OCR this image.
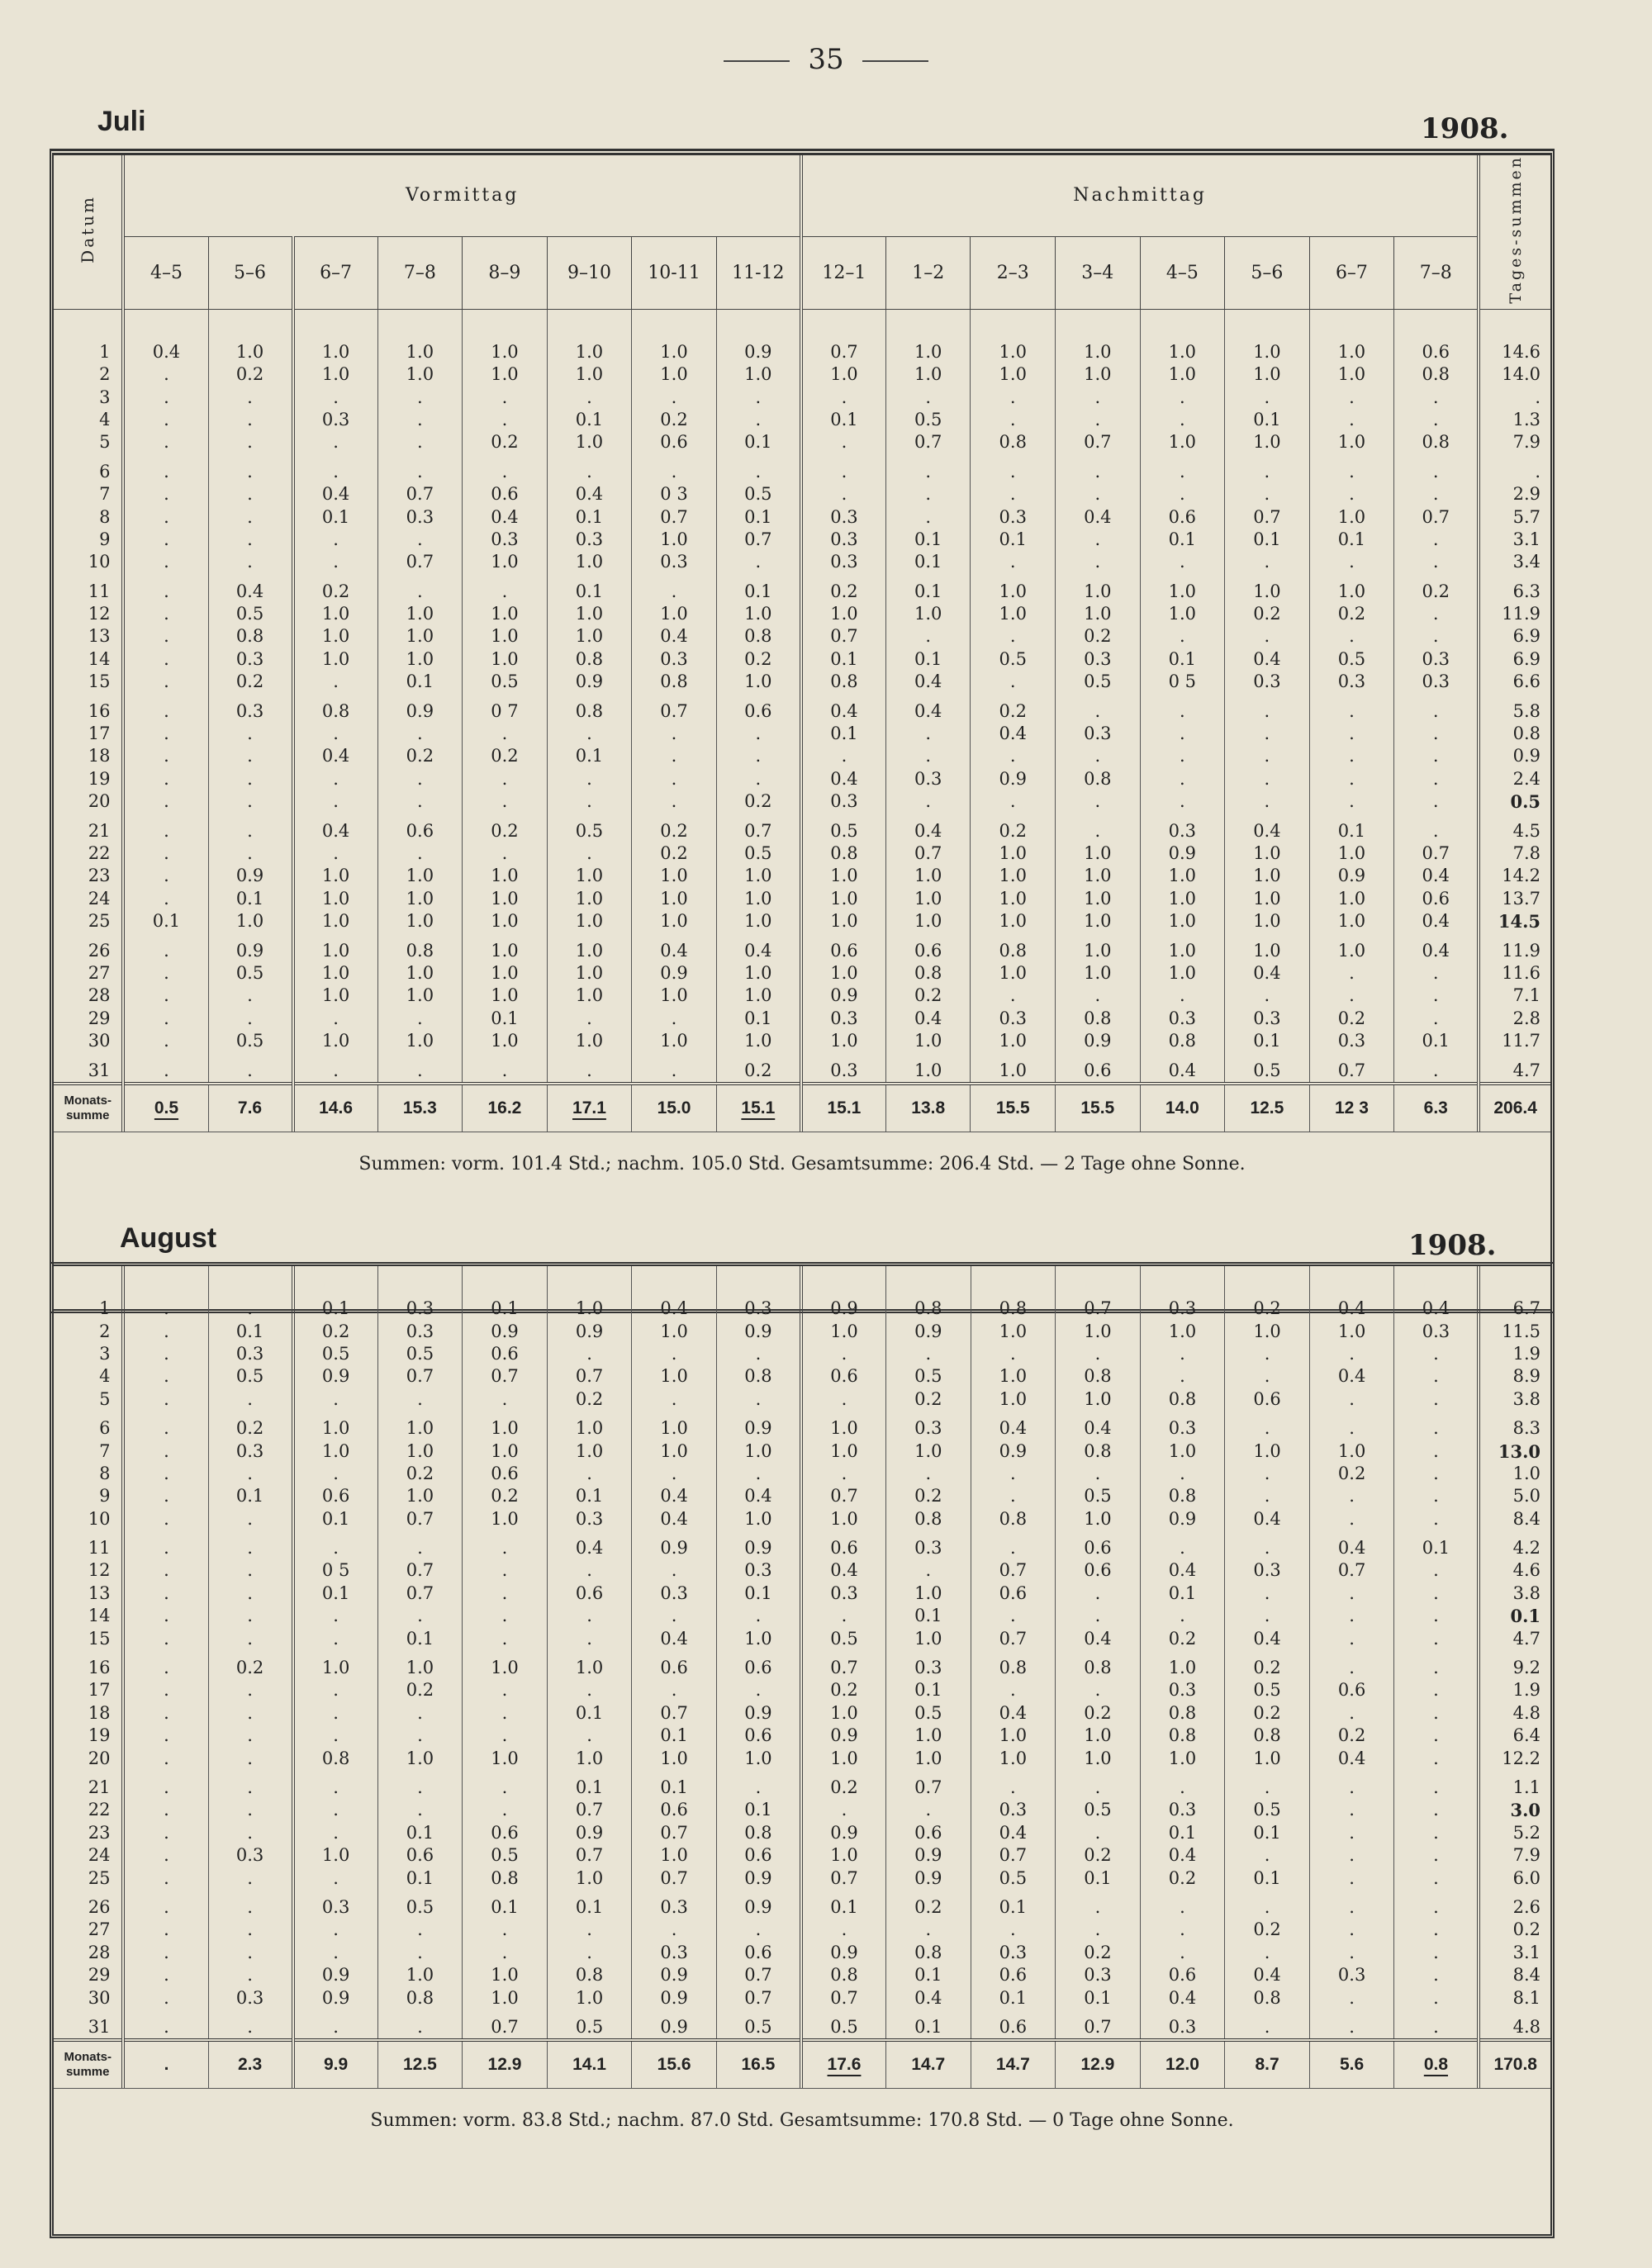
35
Juli	1908.
Datum	Vormittag								Nachmittag								Tages-summen
	4–5	5–6	6–7	7–8	8–9	9–10	10-11	11-12	12–1	1–2	2–3	3–4	4–5	5–6	6–7	7–8	
1	0.4	1.0	1.0	1.0	1.0	1.0	1.0	0.9	0.7	1.0	1.0	1.0	1.0	1.0	1.0	0.6	14.6
2	.	0.2	1.0	1.0	1.0	1.0	1.0	1.0	1.0	1.0	1.0	1.0	1.0	1.0	1.0	0.8	14.0
3	.	.	.	.	.	.	.	.	.	.	.	.	.	.	.	.	.
4	.	.	0.3	.	.	0.1	0.2	.	0.1	0.5	.	.	.	0.1	.	.	1.3
5	.	.	.	.	0.2	1.0	0.6	0.1	.	0.7	0.8	0.7	1.0	1.0	1.0	0.8	7.9
6	.	.	.	.	.	.	.	.	.	.	.	.	.	.	.	.	.
7	.	.	0.4	0.7	0.6	0.4	0 3	0.5	.	.	.	.	.	.	.	.	2.9
8	.	.	0.1	0.3	0.4	0.1	0.7	0.1	0.3	.	0.3	0.4	0.6	0.7	1.0	0.7	5.7
9	.	.	.	.	0.3	0.3	1.0	0.7	0.3	0.1	0.1	.	0.1	0.1	0.1	.	3.1
10	.	.	.	0.7	1.0	1.0	0.3	.	0.3	0.1	.	.	.	.	.	.	3.4
11	.	0.4	0.2	.	.	0.1	.	0.1	0.2	0.1	1.0	1.0	1.0	1.0	1.0	0.2	6.3
12	.	0.5	1.0	1.0	1.0	1.0	1.0	1.0	1.0	1.0	1.0	1.0	1.0	0.2	0.2	.	11.9
13	.	0.8	1.0	1.0	1.0	1.0	0.4	0.8	0.7	.	.	0.2	.	.	.	.	6.9
14	.	0.3	1.0	1.0	1.0	0.8	0.3	0.2	0.1	0.1	0.5	0.3	0.1	0.4	0.5	0.3	6.9
15	.	0.2	.	0.1	0.5	0.9	0.8	1.0	0.8	0.4	.	0.5	0 5	0.3	0.3	0.3	6.6
16	.	0.3	0.8	0.9	0 7	0.8	0.7	0.6	0.4	0.4	0.2	.	.	.	.	.	5.8
17	.	.	.	.	.	.	.	.	0.1	.	0.4	0.3	.	.	.	.	0.8
18	.	.	0.4	0.2	0.2	0.1	.	.	.	.	.	.	.	.	.	.	0.9
19	.	.	.	.	.	.	.	.	0.4	0.3	0.9	0.8	.	.	.	.	2.4
20	.	.	.	.	.	.	.	0.2	0.3	.	.	.	.	.	.	.	0.5
21	.	.	0.4	0.6	0.2	0.5	0.2	0.7	0.5	0.4	0.2	.	0.3	0.4	0.1	.	4.5
22	.	.	.	.	.	.	0.2	0.5	0.8	0.7	1.0	1.0	0.9	1.0	1.0	0.7	7.8
23	.	0.9	1.0	1.0	1.0	1.0	1.0	1.0	1.0	1.0	1.0	1.0	1.0	1.0	0.9	0.4	14.2
24	.	0.1	1.0	1.0	1.0	1.0	1.0	1.0	1.0	1.0	1.0	1.0	1.0	1.0	1.0	0.6	13.7
25	0.1	1.0	1.0	1.0	1.0	1.0	1.0	1.0	1.0	1.0	1.0	1.0	1.0	1.0	1.0	0.4	14.5
26	.	0.9	1.0	0.8	1.0	1.0	0.4	0.4	0.6	0.6	0.8	1.0	1.0	1.0	1.0	0.4	11.9
27	.	0.5	1.0	1.0	1.0	1.0	0.9	1.0	1.0	0.8	1.0	1.0	1.0	0.4	.	.	11.6
28	.	.	1.0	1.0	1.0	1.0	1.0	1.0	0.9	0.2	.	.	.	.	.	.	7.1
29	.	.	.	.	0.1	.	.	0.1	0.3	0.4	0.3	0.8	0.3	0.3	0.2	.	2.8
30	.	0.5	1.0	1.0	1.0	1.0	1.0	1.0	1.0	1.0	1.0	0.9	0.8	0.1	0.3	0.1	11.7
31	.	.	.	.	.	.	.	0.2	0.3	1.0	1.0	0.6	0.4	0.5	0.7	.	4.7
Monats-summe	0.5	7.6	14.6	15.3	16.2	17.1	15.0	15.1	15.1	13.8	15.5	15.5	14.0	12.5	12 3	6.3	206.4
Summen: vorm. 101.4 Std.; nachm. 105.0 Std. Gesamtsumme: 206.4 Std. — 2 Tage ohne Sonne.
August	1908.
1	.	.	0.1	0.3	0.1	1.0	0.4	0.3	0.9	0.8	0.8	0.7	0.3	0.2	0.4	0.4	6.7
2	.	0.1	0.2	0.3	0.9	0.9	1.0	0.9	1.0	0.9	1.0	1.0	1.0	1.0	1.0	0.3	11.5
3	.	0.3	0.5	0.5	0.6	.	.	.	.	.	.	.	.	.	.	.	1.9
4	.	0.5	0.9	0.7	0.7	0.7	1.0	0.8	0.6	0.5	1.0	0.8	.	.	0.4	.	8.9
5	.	.	.	.	.	0.2	.	.	.	0.2	1.0	1.0	0.8	0.6	.	.	3.8
6	.	0.2	1.0	1.0	1.0	1.0	1.0	0.9	1.0	0.3	0.4	0.4	0.3	.	.	.	8.3
7	.	0.3	1.0	1.0	1.0	1.0	1.0	1.0	1.0	1.0	0.9	0.8	1.0	1.0	1.0	.	13.0
8	.	.	.	0.2	0.6	.	.	.	.	.	.	.	.	.	0.2	.	1.0
9	.	0.1	0.6	1.0	0.2	0.1	0.4	0.4	0.7	0.2	.	0.5	0.8	.	.	.	5.0
10	.	.	0.1	0.7	1.0	0.3	0.4	1.0	1.0	0.8	0.8	1.0	0.9	0.4	.	.	8.4
11	.	.	.	.	.	0.4	0.9	0.9	0.6	0.3	.	0.6	.	.	0.4	0.1	4.2
12	.	.	0 5	0.7	.	.	.	0.3	0.4	.	0.7	0.6	0.4	0.3	0.7	.	4.6
13	.	.	0.1	0.7	.	0.6	0.3	0.1	0.3	1.0	0.6	.	0.1	.	.	.	3.8
14	.	.	.	.	.	.	.	.	.	0.1	.	.	.	.	.	.	0.1
15	.	.	.	0.1	.	.	0.4	1.0	0.5	1.0	0.7	0.4	0.2	0.4	.	.	4.7
16	.	0.2	1.0	1.0	1.0	1.0	0.6	0.6	0.7	0.3	0.8	0.8	1.0	0.2	.	.	9.2
17	.	.	.	0.2	.	.	.	.	0.2	0.1	.	.	0.3	0.5	0.6	.	1.9
18	.	.	.	.	.	0.1	0.7	0.9	1.0	0.5	0.4	0.2	0.8	0.2	.	.	4.8
19	.	.	.	.	.	.	0.1	0.6	0.9	1.0	1.0	1.0	0.8	0.8	0.2	.	6.4
20	.	.	0.8	1.0	1.0	1.0	1.0	1.0	1.0	1.0	1.0	1.0	1.0	1.0	0.4	.	12.2
21	.	.	.	.	.	0.1	0.1	.	0.2	0.7	.	.	.	.	.	.	1.1
22	.	.	.	.	.	0.7	0.6	0.1	.	.	0.3	0.5	0.3	0.5	.	.	3.0
23	.	.	.	0.1	0.6	0.9	0.7	0.8	0.9	0.6	0.4	.	0.1	0.1	.	.	5.2
24	.	0.3	1.0	0.6	0.5	0.7	1.0	0.6	1.0	0.9	0.7	0.2	0.4	.	.	.	7.9
25	.	.	.	0.1	0.8	1.0	0.7	0.9	0.7	0.9	0.5	0.1	0.2	0.1	.	.	6.0
26	.	.	0.3	0.5	0.1	0.1	0.3	0.9	0.1	0.2	0.1	.	.	.	.	.	2.6
27	.	.	.	.	.	.	.	.	.	.	.	.	.	0.2	.	.	0.2
28	.	.	.	.	.	.	0.3	0.6	0.9	0.8	0.3	0.2	.	.	.	.	3.1
29	.	.	0.9	1.0	1.0	0.8	0.9	0.7	0.8	0.1	0.6	0.3	0.6	0.4	0.3	.	8.4
30	.	0.3	0.9	0.8	1.0	1.0	0.9	0.7	0.7	0.4	0.1	0.1	0.4	0.8	.	.	8.1
31	.	.	.	.	0.7	0.5	0.9	0.5	0.5	0.1	0.6	0.7	0.3	.	.	.	4.8
Monats-summe	.	2.3	9.9	12.5	12.9	14.1	15.6	16.5	17.6	14.7	14.7	12.9	12.0	8.7	5.6	0.8	170.8
Summen: vorm. 83.8 Std.; nachm. 87.0 Std. Gesamtsumme: 170.8 Std. — 0 Tage ohne Sonne.
